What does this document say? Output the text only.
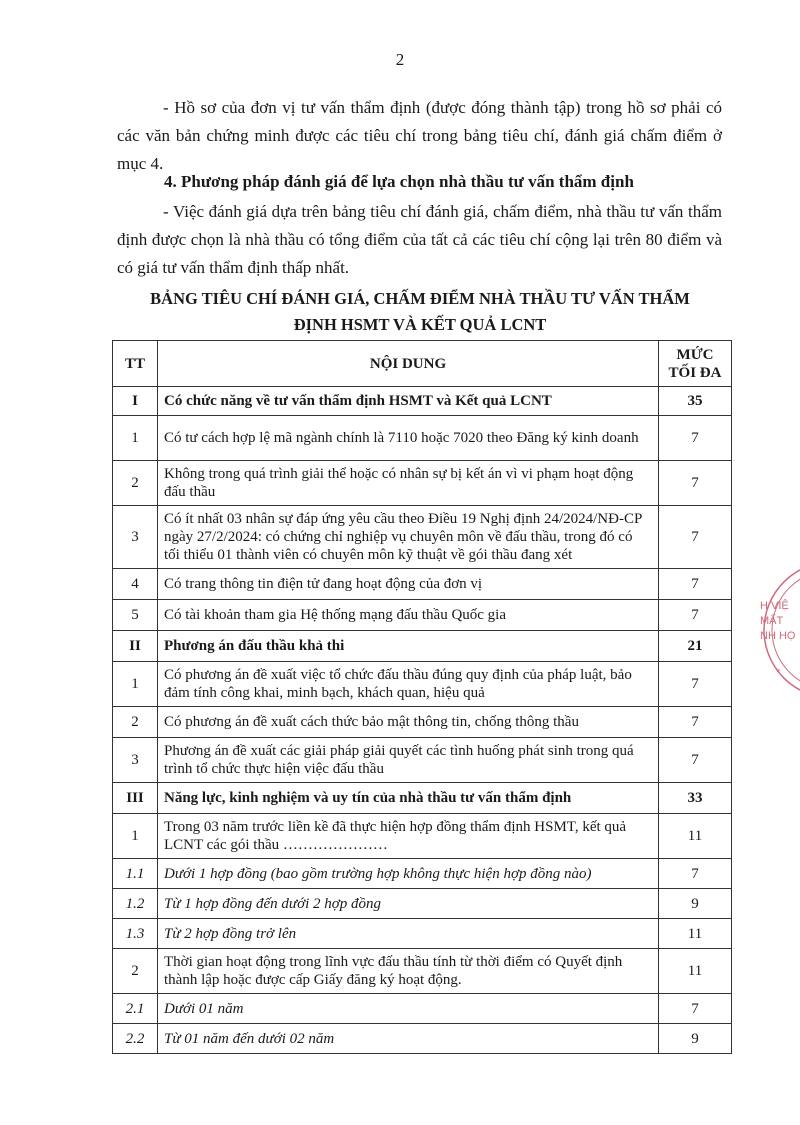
2
- Hồ sơ của đơn vị tư vấn thẩm định (được đóng thành tập) trong hồ sơ phải có các văn bản chứng minh được các tiêu chí trong bảng tiêu chí, đánh giá chấm điểm ở mục 4.
4. Phương pháp đánh giá để lựa chọn nhà thầu tư vấn thẩm định
- Việc đánh giá dựa trên bảng tiêu chí đánh giá, chấm điểm, nhà thầu tư vấn thẩm định được chọn là nhà thầu có tổng điểm của tất cả các tiêu chí cộng lại trên 80 điểm và có giá tư vấn thẩm định thấp nhất.
BẢNG TIÊU CHÍ ĐÁNH GIÁ, CHẤM ĐIỂM NHÀ THẦU TƯ VẤN THẨM
ĐỊNH HSMT VÀ KẾT QUẢ LCNT
TT	NỘI DUNG	MỨC
TỐI ĐA

I	Có chức năng về tư vấn thẩm định HSMT và Kết quả LCNT	35
1	Có tư cách hợp lệ mã ngành chính là 7110 hoặc 7020 theo Đăng ký kinh doanh	7
2	Không trong quá trình giải thể hoặc có nhân sự bị kết án vì vi phạm hoạt động đấu thầu	7
3	Có ít nhất 03 nhân sự đáp ứng yêu cầu theo Điều 19 Nghị định 24/2024/NĐ-CP ngày 27/2/2024: có chứng chỉ nghiệp vụ chuyên môn về đấu thầu, trong đó có tối thiểu 01 thành viên có chuyên môn kỹ thuật về gói thầu đang xét	7
4	Có trang thông tin điện tử đang hoạt động của đơn vị	7
5	Có tài khoản tham gia Hệ thống mạng đấu thầu Quốc gia	7
II	Phương án đấu thầu khả thi	21
1	Có phương án đề xuất việc tổ chức đấu thầu đúng quy định của pháp luật, bảo đảm tính công khai, minh bạch, khách quan, hiệu quả	7
2	Có phương án đề xuất cách thức bảo mật thông tin, chống thông thầu	7
3	Phương án đề xuất các giải pháp giải quyết các tình huống phát sinh trong quá trình tổ chức thực hiện việc đấu thầu	7
III	Năng lực, kinh nghiệm và uy tín của nhà thầu tư vấn thẩm định	33
1	Trong 03 năm trước liền kề đã thực hiện hợp đồng thẩm định HSMT, kết quả LCNT các gói thầu …………………	11
1.1	Dưới 1 hợp đồng (bao gồm trường hợp không thực hiện hợp đồng nào)	7
1.2	Từ 1 hợp đồng đến dưới 2 hợp đồng	9
1.3	Từ 2 hợp đồng trở lên	11
2	Thời gian hoạt động trong lĩnh vực đấu thầu tính từ thời điểm có Quyết định thành lập hoặc được cấp Giấy đăng ký hoạt động.	11
2.1	Dưới 01 năm	7
2.2	Từ 01 năm đến dưới 02 năm	9
H VIỆ
MẤT
NH HỌ
*
